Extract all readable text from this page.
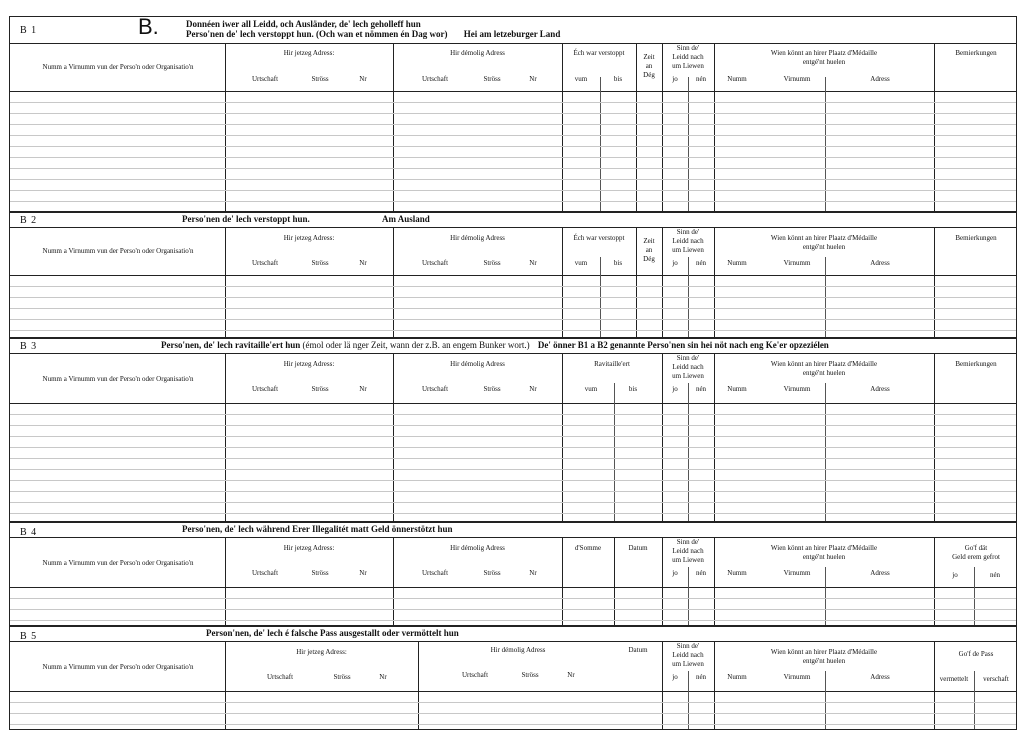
B 1	B.	Donnéen iwer all Leidd, och Ausländer, de' lech geholleff hun
Perso'nen de' lech verstoppt hun. (Och wan et nömmen én Dag wor) Hei am letzeburger Land
Numm a Virnumm vun der Perso'n oder Organisatio'n
Hir jetzeg Adress:
Urtschaft	Ströss	Nr
Hir démolig Adress
Urtschaft	Ströss	Nr
Éch war verstoppt
vum	bis
Zeit
an
Dég
Sinn de'
Leidd nach
um Liewen
jo	nén
Wien könnt an hirer Plaatz d'Médaille
entgé'nt huelen
Numm	Virnumm	Adress
Bemierkungen
B 2	Perso'nen de' lech verstoppt hun.	Am Ausland
Numm a Virnumm vun der Perso'n oder Organisatio'n
Hir jetzeg Adress:
Urtschaft	Ströss	Nr
Hir démolig Adress
Urtschaft	Ströss	Nr
Éch war verstoppt
vum	bis
Zeit
an
Dég
Sinn de'
Leidd nach
um Liewen
jo	nén
Wien könnt an hirer Plaatz d'Médaille
entgé'nt huelen
Numm	Virnumm	Adress
Bemierkungen
B 3	Perso'nen, de' lech ravitaille'ert hun (émol oder lä nger Zeit, wann der z.B. an engem Bunker wort.) De' önner B1 a B2 genannte Perso'nen sin hei nöt nach eng Ke'er opzeziélen
Numm a Virnumm vun der Perso'n oder Organisatio'n
Hir jetzeg Adress:
Urtschaft	Ströss	Nr
Hir démolig Adress
Urtschaft	Ströss	Nr
Ravitaille'ert
vum	bis
Sinn de'
Leidd nach
um Liewen
jo	nén
Wien könnt an hirer Plaatz d'Médaille
entgé'nt huelen
Numm	Virnumm	Adress
Bemierkungen
B 4	Perso'nen, de' lech während Erer Illegalitét matt Geld önnerstötzt hun
Numm a Virnumm vun der Perso'n oder Organisatio'n
Hir jetzeg Adress:
Urtschaft	Ströss	Nr
Hir démolig Adress
Urtschaft	Ströss	Nr
d'Somme	Datum
Sinn de'
Leidd nach
um Liewen
jo	nén
Wien könnt an hirer Plaatz d'Médaille
entgé'nt huelen
Numm	Virnumm	Adress
Go'f dät
Geld erem gefrot
jo	nén
B 5	Person'nen, de' lech é falsche Pass ausgestallt oder vermöttelt hun
Numm a Virnumm vun der Perso'n oder Organisatio'n
Hir jetzeg Adress:
Urtschaft	Ströss	Nr
Hir démolig Adress
Urtschaft	Ströss	Nr
Datum	Sinn de'
Leidd nach
um Liewen
jo	nén
Wien könnt an hirer Plaatz d'Médaille
entgé'nt huelen
Numm	Virnumm	Adress
Go'f de Pass
vermettelt	verschaft
